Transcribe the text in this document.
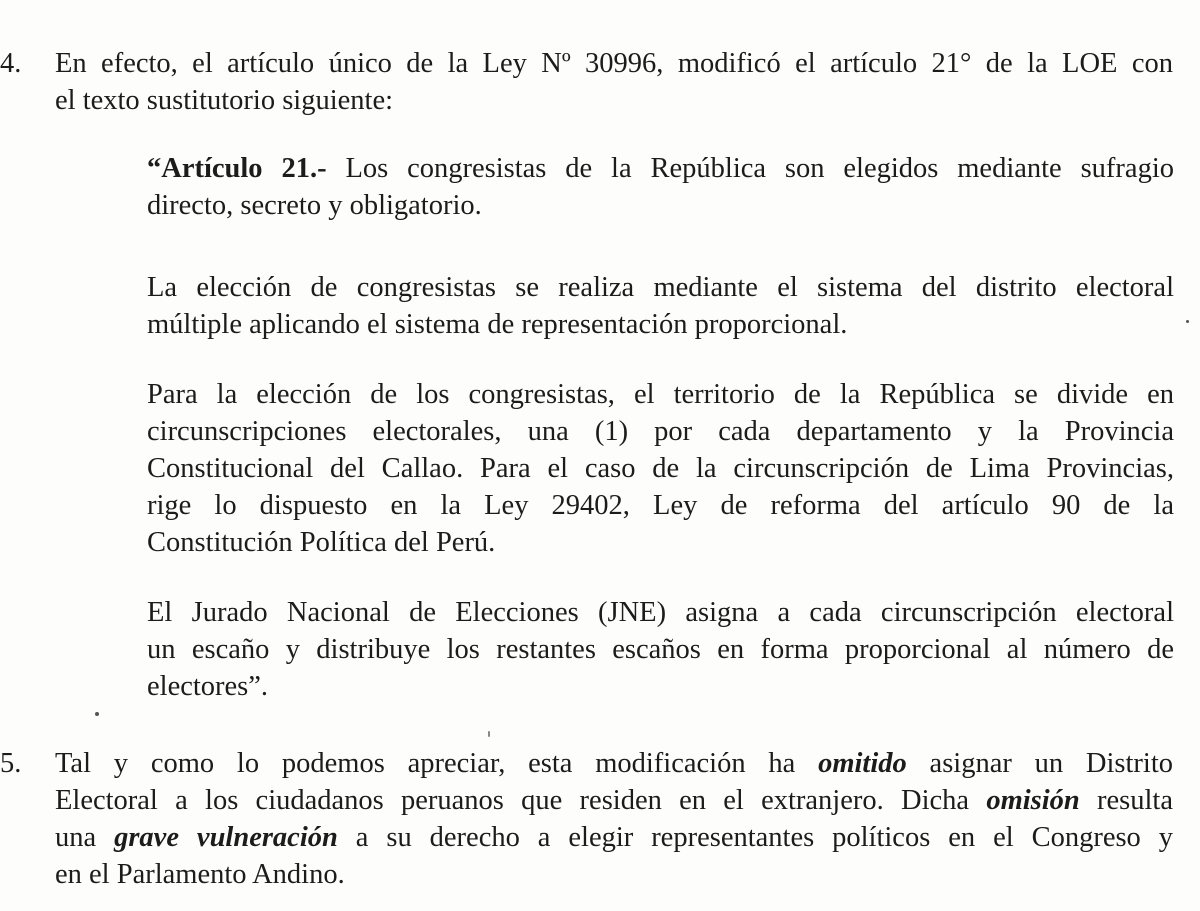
4.	En efecto, el artículo único de la Ley Nº 30996, modificó el artículo 21° de la LOE con
el texto sustitutorio siguiente:

“Artículo 21.- Los congresistas de la República son elegidos mediante sufragio
directo, secreto y obligatorio.

La elección de congresistas se realiza mediante el sistema del distrito electoral
múltiple aplicando el sistema de representación proporcional.

Para la elección de los congresistas, el territorio de la República se divide en
circunscripciones electorales, una (1) por cada departamento y la Provincia
Constitucional del Callao. Para el caso de la circunscripción de Lima Provincias,
rige lo dispuesto en la Ley 29402, Ley de reforma del artículo 90 de la
Constitución Política del Perú.

El Jurado Nacional de Elecciones (JNE) asigna a cada circunscripción electoral
un escaño y distribuye los restantes escaños en forma proporcional al número de
electores”.

5.	Tal y como lo podemos apreciar, esta modificación ha omitido asignar un Distrito
Electoral a los ciudadanos peruanos que residen en el extranjero. Dicha omisión resulta
una grave vulneración a su derecho a elegir representantes políticos en el Congreso y
en el Parlamento Andino.
